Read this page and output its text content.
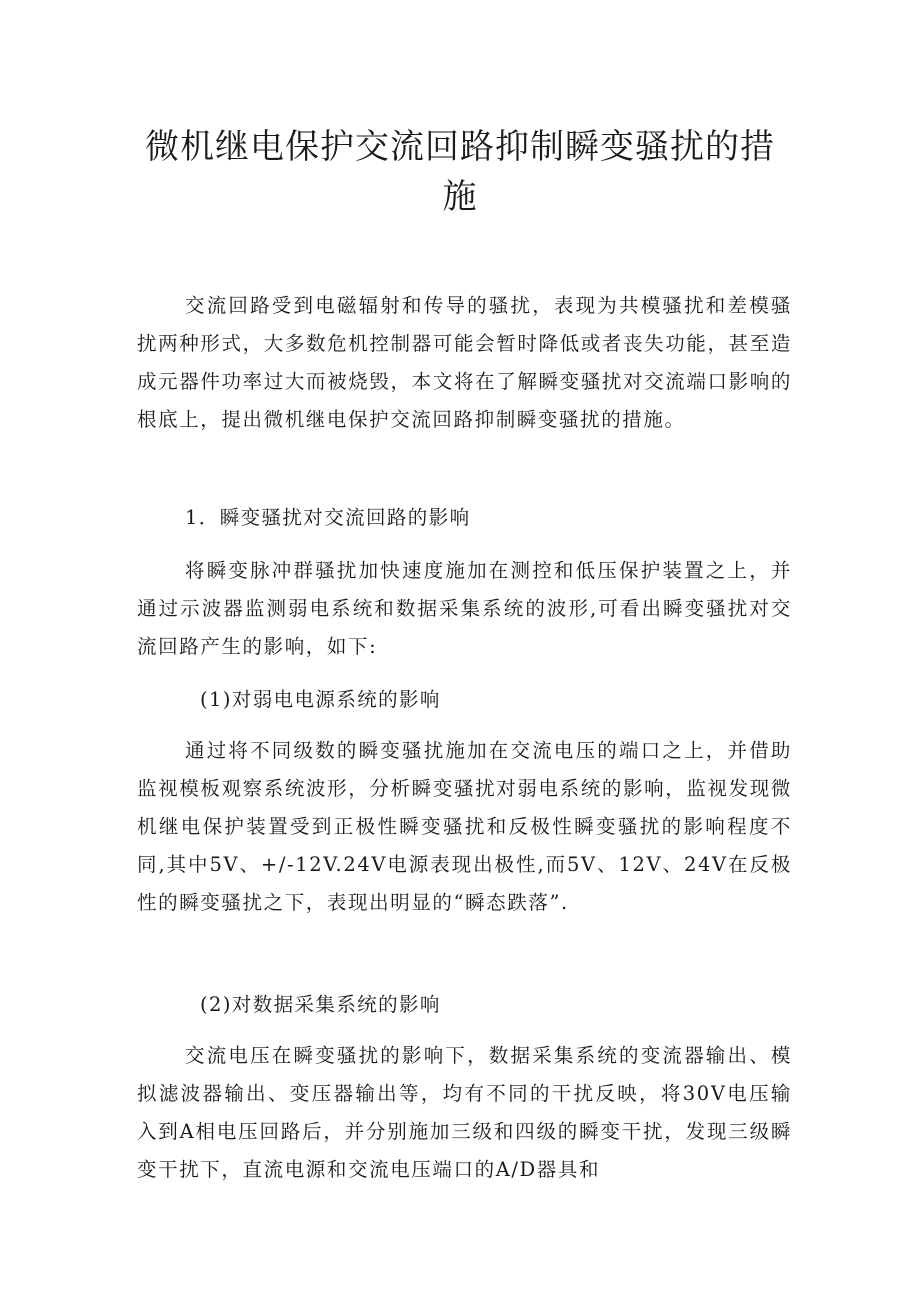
微机继电保护交流回路抑制瞬变骚扰的措
施

交流回路受到电磁辐射和传导的骚扰，表现为共模骚扰和差模骚扰两种形式，大多数危机控制器可能会暂时降低或者丧失功能，甚至造成元器件功率过大而被烧毁，本文将在了解瞬变骚扰对交流端口影响的根底上，提出微机继电保护交流回路抑制瞬变骚扰的措施。

1．瞬变骚扰对交流回路的影响

将瞬变脉冲群骚扰加快速度施加在测控和低压保护装置之上，并通过示波器监测弱电系统和数据采集系统的波形,可看出瞬变骚扰对交流回路产生的影响，如下:

(1)对弱电电源系统的影响

通过将不同级数的瞬变骚扰施加在交流电压的端口之上，并借助监视模板观察系统波形，分析瞬变骚扰对弱电系统的影响，监视发现微机继电保护装置受到正极性瞬变骚扰和反极性瞬变骚扰的影响程度不同,其中5V、+/-12V.24V电源表现出极性,而5V、12V、24V在反极性的瞬变骚扰之下，表现出明显的“瞬态跌落”.

(2)对数据采集系统的影响

交流电压在瞬变骚扰的影响下，数据采集系统的变流器输出、模拟滤波器输出、变压器输出等，均有不同的干扰反映，将30V电压输入到A相电压回路后，并分别施加三级和四级的瞬变干扰，发现三级瞬变干扰下，直流电源和交流电压端口的A/D器具和
